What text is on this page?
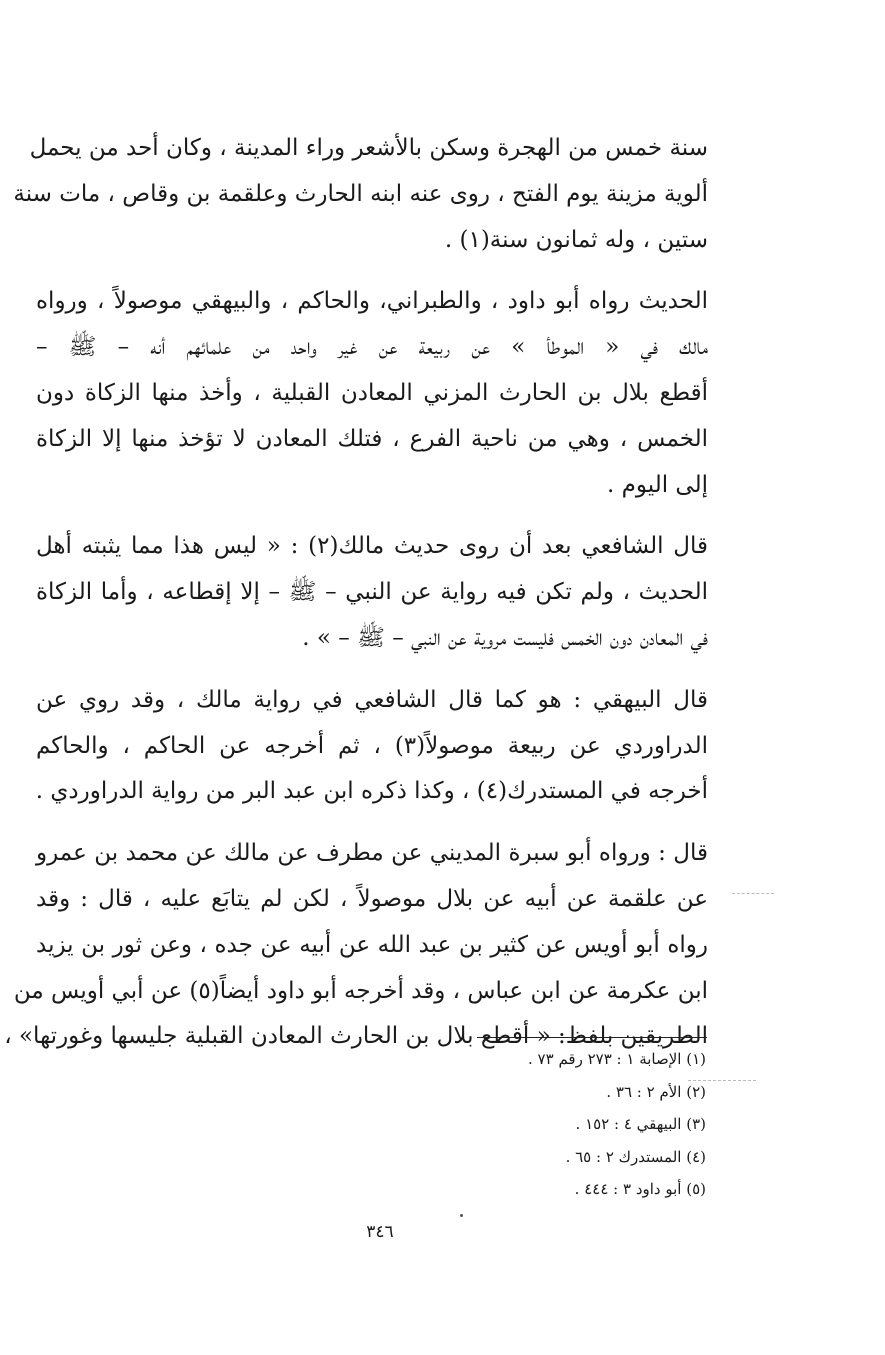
سنة خمس من الهجرة وسكن بالأشعر وراء المدينة ، وكان أحد من يحمل
ألوية مزينة يوم الفتح ، روى عنه ابنه الحارث وعلقمة بن وقاص ، مات سنة
ستين ، وله ثمانون سنة(١) .
الحديث رواه أبو داود ، والطبراني، والحاكم ، والبيهقي موصولاً ، ورواه
مالك في « الموطأ » عن ربيعة عن غير واحد من علمائهم أنه – ﷺ –
أقطع بلال بن الحارث المزني المعادن القبلية ، وأخذ منها الزكاة دون
الخمس ، وهي من ناحية الفرع ، فتلك المعادن لا تؤخذ منها إلا الزكاة
إلى اليوم .
قال الشافعي بعد أن روى حديث مالك(٢) : « ليس هذا مما يثبته أهل
الحديث ، ولم تكن فيه رواية عن النبي – ﷺ – إلا إقطاعه ، وأما الزكاة
في المعادن دون الخمس فليست مروية عن النبي – ﷺ – » .
قال البيهقي : هو كما قال الشافعي في رواية مالك ، وقد روي عن
الدراوردي عن ربيعة موصولاً(٣) ، ثم أخرجه عن الحاكم ، والحاكم
أخرجه في المستدرك(٤) ، وكذا ذكره ابن عبد البر من رواية الدراوردي .
قال : ورواه أبو سبرة المديني عن مطرف عن مالك عن محمد بن عمرو
عن علقمة عن أبيه عن بلال موصولاً ، لكن لم يتابَع عليه ، قال : وقد
رواه أبو أويس عن كثير بن عبد الله عن أبيه عن جده ، وعن ثور بن يزيد
ابن عكرمة عن ابن عباس ، وقد أخرجه أبو داود أيضاً(٥) عن أبي أويس من
الطريقين بلفظ: « أقطع بلال بن الحارث المعادن القبلية جليسها وغورتها» ،
(١) الإصابة ١ : ٢٧٣ رقم ٧٣ .
(٢) الأم ٢ : ٣٦ .
(٣) البيهقي ٤ : ١٥٢ .
(٤) المستدرك ٢ : ٦٥ .
(٥) أبو داود ٣ : ٤٤٤ .
٣٤٦
